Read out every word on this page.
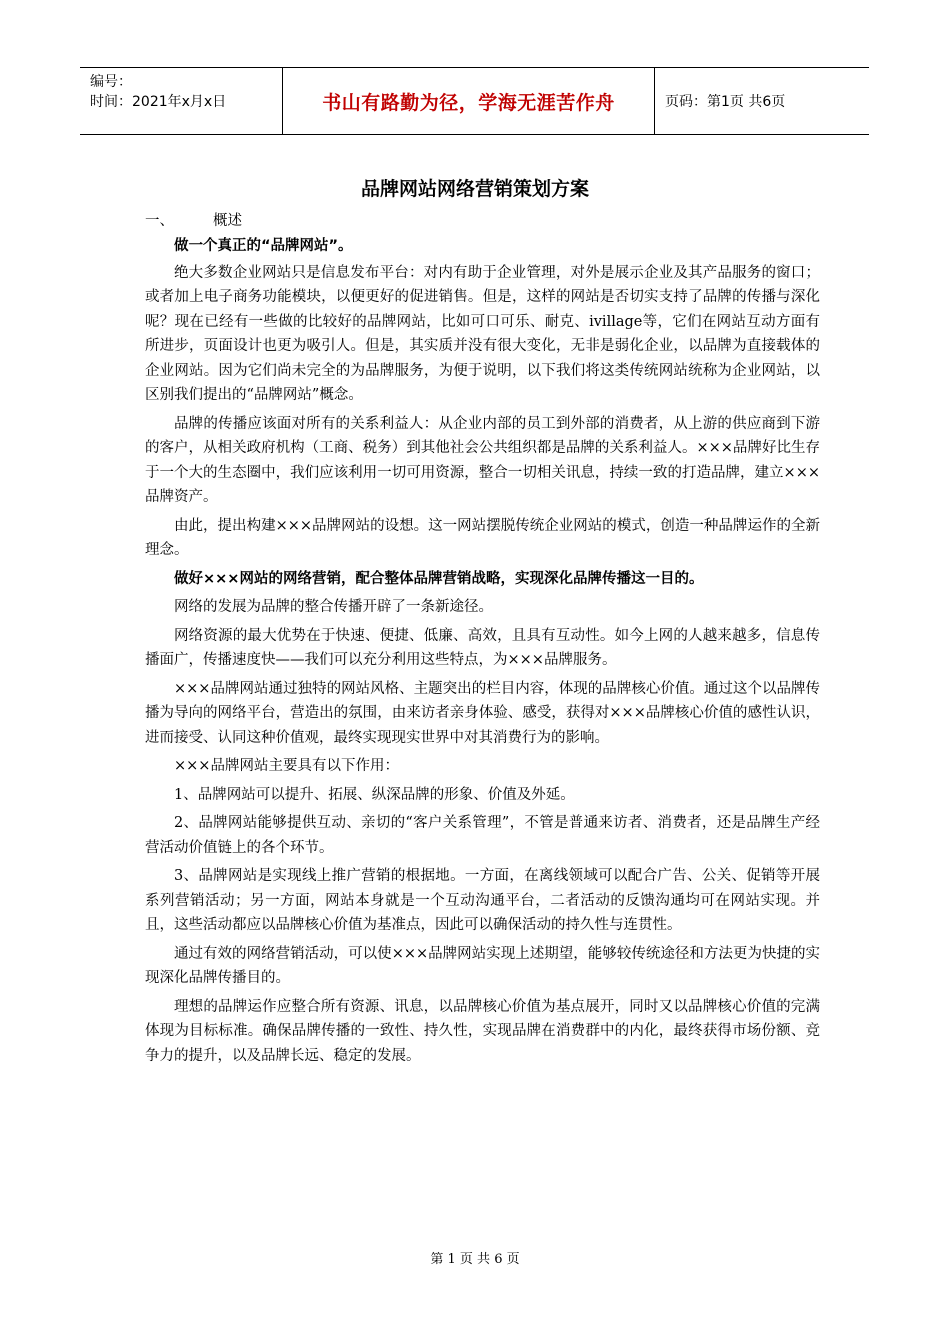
编号：
时间：2021年x月x日	书山有路勤为径，学海无涯苦作舟	页码：第1页 共6页
品牌网站网络营销策划方案
一、	概述

做一个真正的“品牌网站”。

绝大多数企业网站只是信息发布平台：对内有助于企业管理，对外是展示企业及其产品服务的窗口；或者加上电子商务功能模块，以便更好的促进销售。但是，这样的网站是否切实支持了品牌的传播与深化呢？现在已经有一些做的比较好的品牌网站，比如可口可乐、耐克、ivillage等，它们在网站互动方面有所进步，页面设计也更为吸引人。但是，其实质并没有很大变化，无非是弱化企业，以品牌为直接载体的企业网站。因为它们尚未完全的为品牌服务，为便于说明，以下我们将这类传统网站统称为企业网站，以区别我们提出的“品牌网站”概念。

品牌的传播应该面对所有的关系利益人：从企业内部的员工到外部的消费者，从上游的供应商到下游的客户，从相关政府机构（工商、税务）到其他社会公共组织都是品牌的关系利益人。×××品牌好比生存于一个大的生态圈中，我们应该利用一切可用资源，整合一切相关讯息，持续一致的打造品牌，建立×××品牌资产。

由此，提出构建×××品牌网站的设想。这一网站摆脱传统企业网站的模式，创造一种品牌运作的全新理念。

做好×××网站的网络营销，配合整体品牌营销战略，实现深化品牌传播这一目的。

网络的发展为品牌的整合传播开辟了一条新途径。

网络资源的最大优势在于快速、便捷、低廉、高效，且具有互动性。如今上网的人越来越多，信息传播面广，传播速度快——我们可以充分利用这些特点，为×××品牌服务。

×××品牌网站通过独特的网站风格、主题突出的栏目内容，体现的品牌核心价值。通过这个以品牌传播为导向的网络平台，营造出的氛围，由来访者亲身体验、感受，获得对×××品牌核心价值的感性认识，进而接受、认同这种价值观，最终实现现实世界中对其消费行为的影响。

×××品牌网站主要具有以下作用：

1、品牌网站可以提升、拓展、纵深品牌的形象、价值及外延。

2、品牌网站能够提供互动、亲切的“客户关系管理”，不管是普通来访者、消费者，还是品牌生产经营活动价值链上的各个环节。

3、品牌网站是实现线上推广营销的根据地。一方面，在离线领域可以配合广告、公关、促销等开展系列营销活动；另一方面，网站本身就是一个互动沟通平台，二者活动的反馈沟通均可在网站实现。并且，这些活动都应以品牌核心价值为基准点，因此可以确保活动的持久性与连贯性。

通过有效的网络营销活动，可以使×××品牌网站实现上述期望，能够较传统途径和方法更为快捷的实现深化品牌传播目的。

理想的品牌运作应整合所有资源、讯息，以品牌核心价值为基点展开，同时又以品牌核心价值的完满体现为目标标准。确保品牌传播的一致性、持久性，实现品牌在消费群中的内化，最终获得市场份额、竞争力的提升，以及品牌长远、稳定的发展。

第 1 页 共 6 页
